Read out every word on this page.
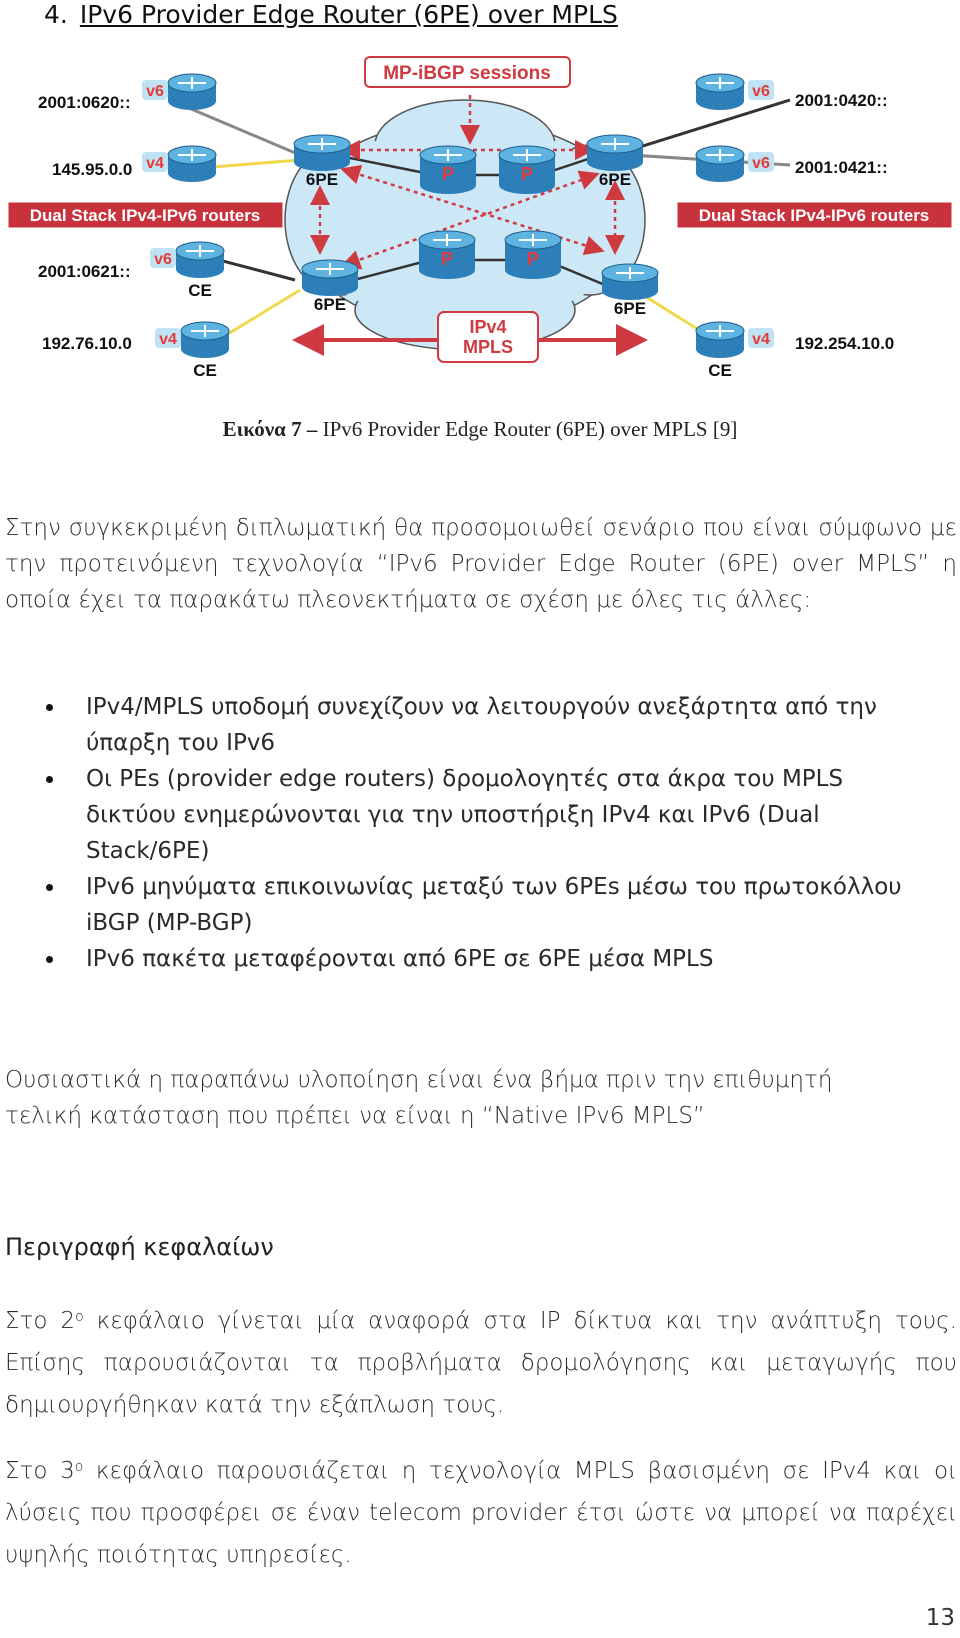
4. IPv6 Provider Edge Router (6PE) over MPLS
v6
v4
CE
v6
CE
v4
v6
v6
CE
v4
6PE	6PE
6PE	6PE
P	P
P	P
Dual Stack IPv4-IPv6 routers	Dual Stack IPv4-IPv6 routers
MP-iBGP sessions
IPv4 MPLS
2001:0620::
145.95.0.0
2001:0621::
192.76.10.0
2001:0420::
2001:0421::
192.254.10.0
Εικόνα 7 – IPv6 Provider Edge Router (6PE) over MPLS [9]

Στην συγκεκριμένη διπλωματική θα προσομοιωθεί σενάριο που είναι σύμφωνο με την προτεινόμενη τεχνολογία “IPv6 Provider Edge Router (6PE) over MPLS” η οποία έχει τα παρακάτω πλεονεκτήματα σε σχέση με όλες τις άλλες:

IPv4/MPLS υποδομή συνεχίζουν να λειτουργούν ανεξάρτητα από την ύπαρξη του IPv6
Οι PEs (provider edge routers) δρομολογητές στα άκρα του MPLS δικτύου ενημερώνονται για την υποστήριξη IPv4 και IPv6 (Dual Stack/6PE)
IPv6 μηνύματα επικοινωνίας μεταξύ των 6PEs μέσω του πρωτοκόλλου iBGP (MP-BGP)
IPv6 πακέτα μεταφέρονται από 6PE σε 6PE μέσα MPLS

Ουσιαστικά η παραπάνω υλοποίηση είναι ένα βήμα πριν την επιθυμητή τελική κατάσταση που πρέπει να είναι η “Native IPv6 MPLS”

Περιγραφή κεφαλαίων

Στο $2^o$ κεφάλαιο γίνεται μία αναφορά στα IP δίκτυα και την ανάπτυξη τους. Επίσης παρουσιάζονται τα προβλήματα δρομολόγησης και μεταγωγής που δημιουργήθηκαν κατά την εξάπλωση τους.

Στο $3^o$ κεφάλαιο παρουσιάζεται η τεχνολογία MPLS βασισμένη σε IPv4 και οι λύσεις που προσφέρει σε έναν telecom provider έτσι ώστε να μπορεί να παρέχει υψηλής ποιότητας υπηρεσίες.

13
